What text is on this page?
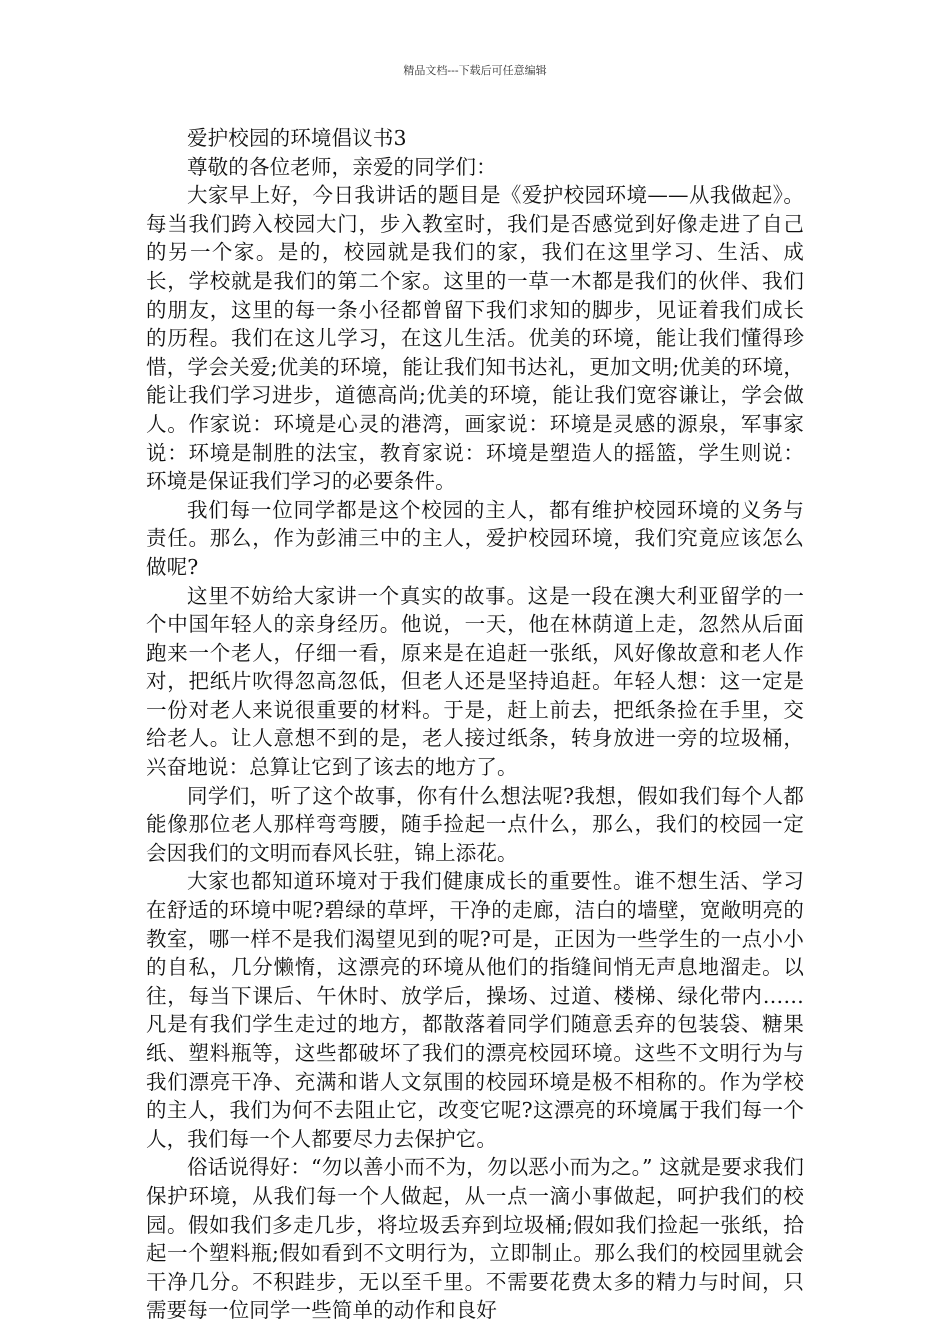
精品文档---下载后可任意编辑

爱护校园的环境倡议书3

尊敬的各位老师，亲爱的同学们：

大家早上好，今日我讲话的题目是《爱护校园环境——从我做起》。每当我们跨入校园大门，步入教室时，我们是否感觉到好像走进了自己的另一个家。是的，校园就是我们的家，我们在这里学习、生活、成长，学校就是我们的第二个家。这里的一草一木都是我们的伙伴、我们的朋友，这里的每一条小径都曾留下我们求知的脚步，见证着我们成长的历程。我们在这儿学习，在这儿生活。优美的环境，能让我们懂得珍惜，学会关爱;优美的环境，能让我们知书达礼，更加文明;优美的环境，能让我们学习进步，道德高尚;优美的环境，能让我们宽容谦让，学会做人。作家说：环境是心灵的港湾，画家说：环境是灵感的源泉，军事家说：环境是制胜的法宝，教育家说：环境是塑造人的摇篮，学生则说：环境是保证我们学习的必要条件。

我们每一位同学都是这个校园的主人，都有维护校园环境的义务与责任。那么，作为彭浦三中的主人，爱护校园环境，我们究竟应该怎么做呢?

这里不妨给大家讲一个真实的故事。这是一段在澳大利亚留学的一个中国年轻人的亲身经历。他说，一天，他在林荫道上走，忽然从后面跑来一个老人，仔细一看，原来是在追赶一张纸，风好像故意和老人作对，把纸片吹得忽高忽低，但老人还是坚持追赶。年轻人想：这一定是一份对老人来说很重要的材料。于是，赶上前去，把纸条捡在手里，交给老人。让人意想不到的是，老人接过纸条，转身放进一旁的垃圾桶，兴奋地说：总算让它到了该去的地方了。

同学们，听了这个故事，你有什么想法呢?我想，假如我们每个人都能像那位老人那样弯弯腰，随手捡起一点什么，那么，我们的校园一定会因我们的文明而春风长驻，锦上添花。

大家也都知道环境对于我们健康成长的重要性。谁不想生活、学习在舒适的环境中呢?碧绿的草坪，干净的走廊，洁白的墙壁，宽敞明亮的教室，哪一样不是我们渴望见到的呢?可是，正因为一些学生的一点小小的自私，几分懒惰，这漂亮的环境从他们的指缝间悄无声息地溜走。以往，每当下课后、午休时、放学后，操场、过道、楼梯、绿化带内……凡是有我们学生走过的地方，都散落着同学们随意丢弃的包装袋、糖果纸、塑料瓶等，这些都破坏了我们的漂亮校园环境。这些不文明行为与我们漂亮干净、充满和谐人文氛围的校园环境是极不相称的。作为学校的主人，我们为何不去阻止它，改变它呢?这漂亮的环境属于我们每一个人，我们每一个人都要尽力去保护它。

俗话说得好：“勿以善小而不为，勿以恶小而为之。” 这就是要求我们保护环境，从我们每一个人做起，从一点一滴小事做起，呵护我们的校园。假如我们多走几步，将垃圾丢弃到垃圾桶;假如我们捡起一张纸，拾起一个塑料瓶;假如看到不文明行为，立即制止。那么我们的校园里就会干净几分。不积跬步，无以至千里。不需要花费太多的精力与时间，只需要每一位同学一些简单的动作和良好
